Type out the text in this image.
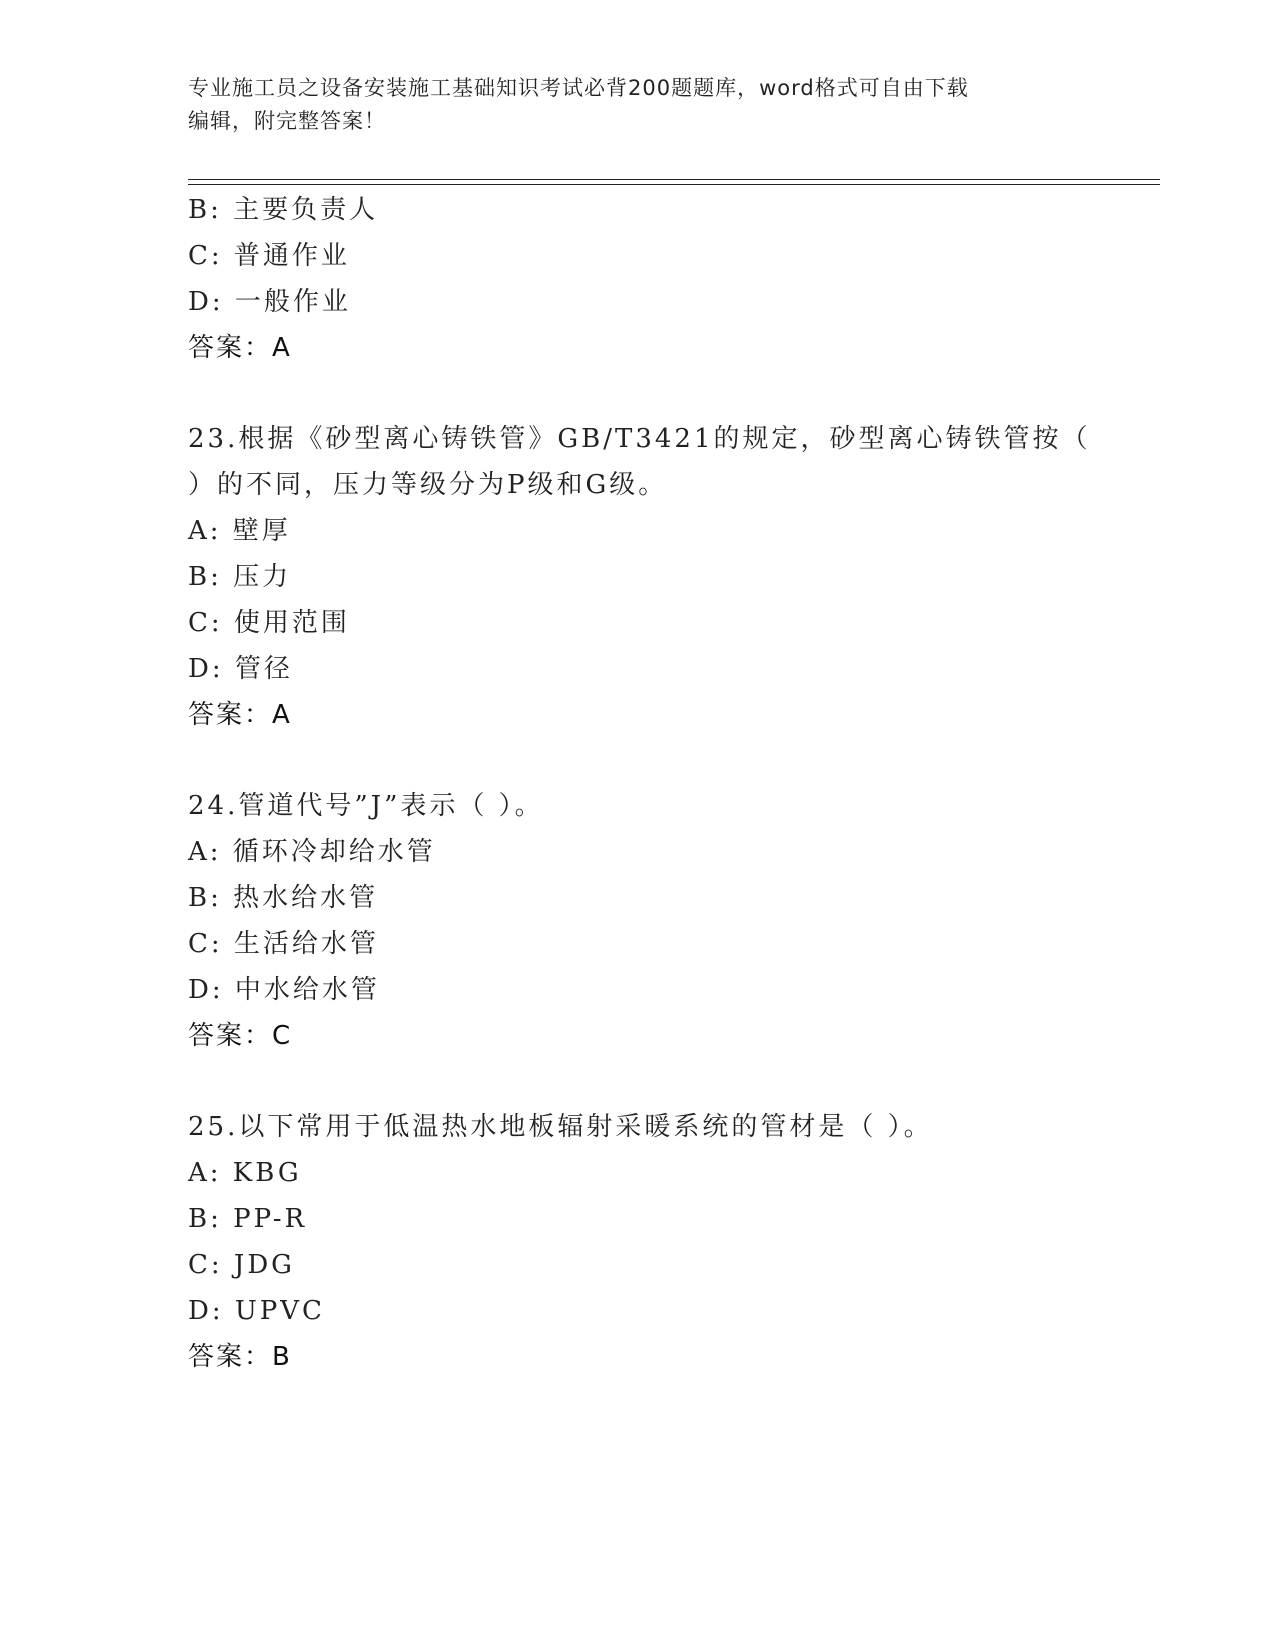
专业施工员之设备安装施工基础知识考试必背200题题库，word格式可自由下载
编辑，附完整答案！
B: 主要负责人
C: 普通作业
D: 一般作业
答案：A
23.根据《砂型离心铸铁管》GB/T3421的规定，砂型离心铸铁管按（
）的不同，压力等级分为P级和G级。
A: 壁厚
B: 压力
C: 使用范围
D: 管径
答案：A
24.管道代号”J”表示（ ）。
A: 循环冷却给水管
B: 热水给水管
C: 生活给水管
D: 中水给水管
答案：C
25.以下常用于低温热水地板辐射采暖系统的管材是（ ）。
A: KBG
B: PP-R
C: JDG
D: UPVC
答案：B
